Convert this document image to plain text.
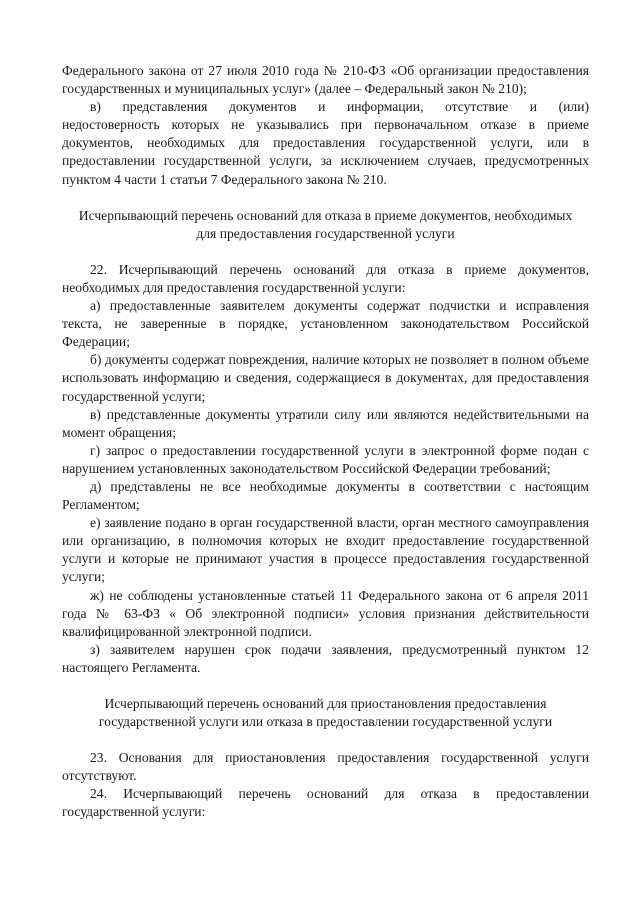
Федерального закона от 27 июля 2010 года № 210-ФЗ «Об организации предоставления государственных и муниципальных услуг» (далее – Федеральный закон № 210);

в) представления документов и информации, отсутствие и (или)

недостоверность которых не указывались при первоначальном отказе в приеме документов, необходимых для предоставления государственной услуги, или в предоставлении государственной услуги, за исключением случаев, предусмотренных пунктом 4 части 1 статьи 7 Федерального закона № 210.

Исчерпывающий перечень оснований для отказа в приеме документов, необходимых для предоставления государственной услуги

22. Исчерпывающий перечень оснований для отказа в приеме документов, необходимых для предоставления государственной услуги:

а) предоставленные заявителем документы содержат подчистки и исправления текста, не заверенные в порядке, установленном законодательством Российской Федерации;

б) документы содержат повреждения, наличие которых не позволяет в полном объеме использовать информацию и сведения, содержащиеся в документах, для предоставления государственной услуги;

в) представленные документы утратили силу или являются недействительными на момент обращения;

г) запрос о предоставлении государственной услуги в электронной форме подан с нарушением установленных законодательством Российской Федерации требований;

д) представлены не все необходимые документы в соответствии с настоящим Регламентом;

е) заявление подано в орган государственной власти, орган местного самоуправления или организацию, в полномочия которых не входит предоставление государственной услуги и которые не принимают участия в процессе предоставления государственной услуги;

ж) не соблюдены установленные статьей 11 Федерального закона от 6 апреля 2011 года № 63-ФЗ « Об электронной подписи» условия признания действительности квалифицированной электронной подписи.

з) заявителем нарушен срок подачи заявления, предусмотренный пунктом 12 настоящего Регламента.

Исчерпывающий перечень оснований для приостановления предоставления государственной услуги или отказа в предоставлении государственной услуги

23. Основания для приостановления предоставления государственной услуги отсутствуют.

24. Исчерпывающий перечень оснований для отказа в предоставлении государственной услуги:
